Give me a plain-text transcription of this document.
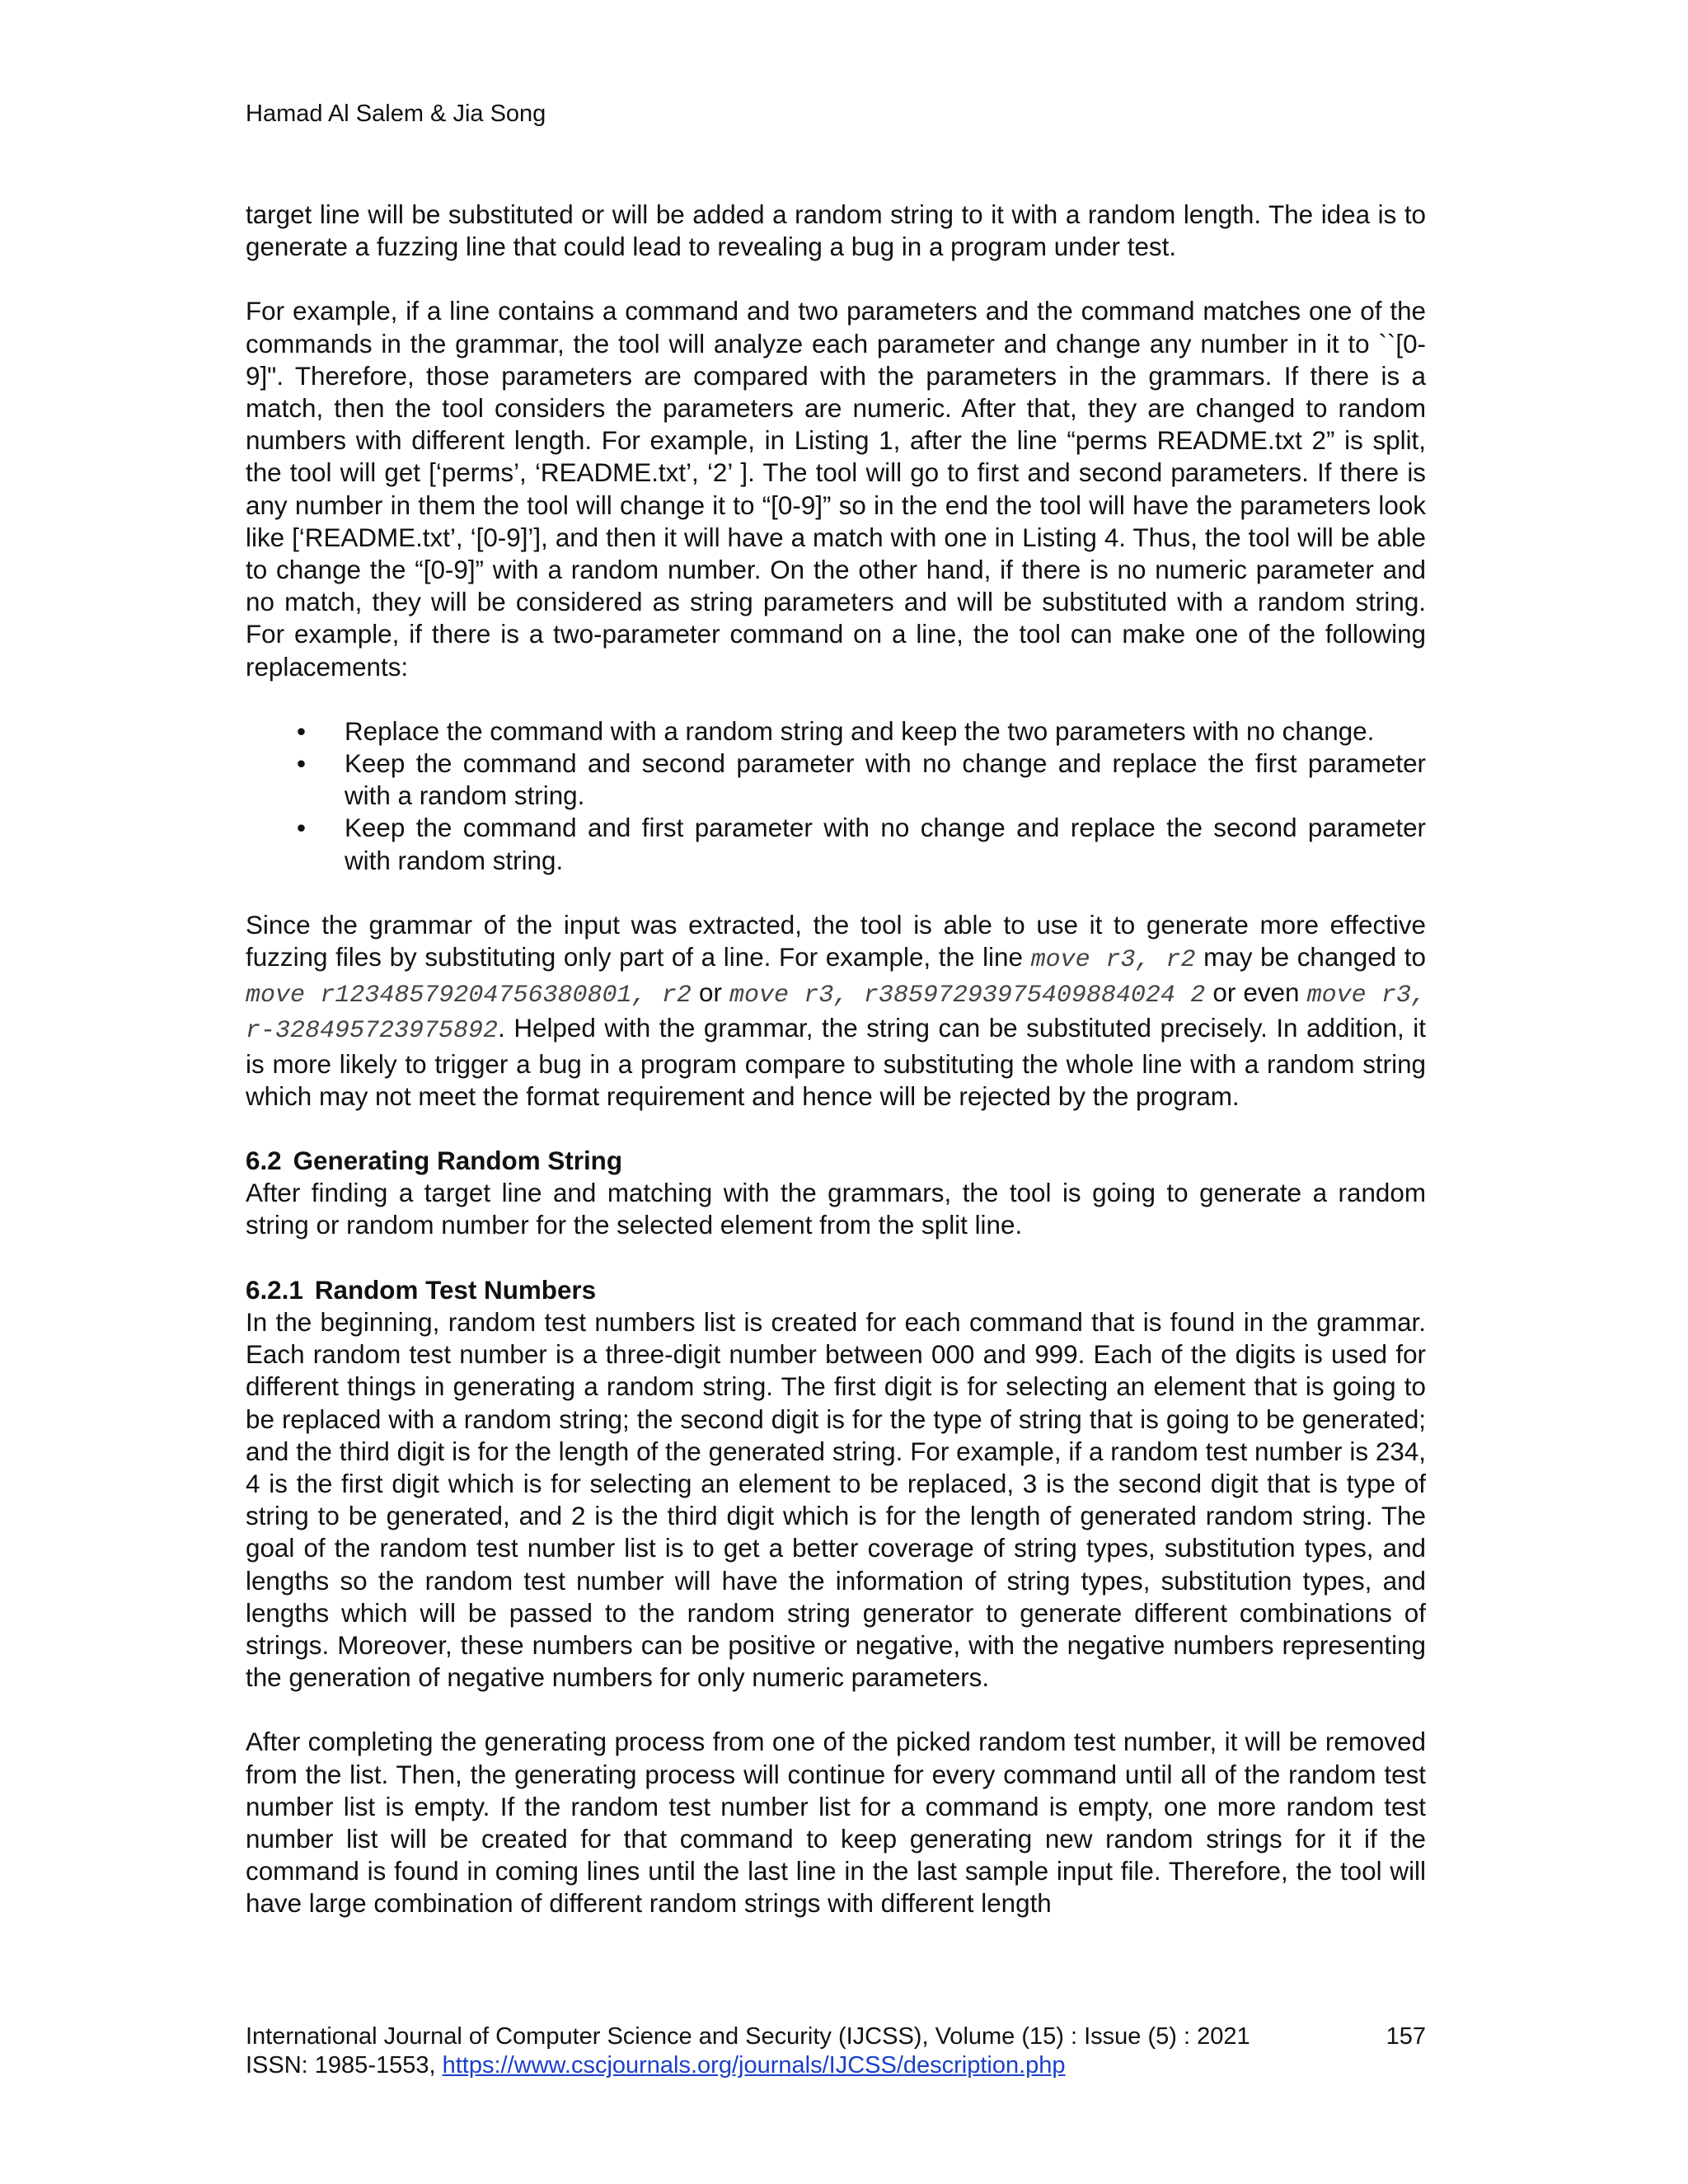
Hamad Al Salem & Jia Song

target line will be substituted or will be added a random string to it with a random length. The idea is to generate a fuzzing line that could lead to revealing a bug in a program under test.

For example, if a line contains a command and two parameters and the command matches one of the commands in the grammar, the tool will analyze each parameter and change any number in it to ``[0-9]". Therefore, those parameters are compared with the parameters in the grammars. If there is a match, then the tool considers the parameters are numeric. After that, they are changed to random numbers with different length. For example, in Listing 1, after the line “perms README.txt 2” is split, the tool will get [‘perms’, ‘README.txt’, ‘2’ ]. The tool will go to first and second parameters. If there is any number in them the tool will change it to “[0-9]” so in the end the tool will have the parameters look like [‘README.txt’, ‘[0-9]’], and then it will have a match with one in Listing 4. Thus, the tool will be able to change the “[0-9]” with a random number. On the other hand, if there is no numeric parameter and no match, they will be considered as string parameters and will be substituted with a random string. For example, if there is a two-parameter command on a line, the tool can make one of the following replacements:

• Replace the command with a random string and keep the two parameters with no change.
• Keep the command and second parameter with no change and replace the first parameter with a random string.
• Keep the command and first parameter with no change and replace the second parameter with random string.

Since the grammar of the input was extracted, the tool is able to use it to generate more effective fuzzing files by substituting only part of a line. For example, the line move r3, r2 may be changed to move r12348579204756380801, r2 or move r3, r38597293975409884024 2 or even move r3, r-328495723975892. Helped with the grammar, the string can be substituted precisely. In addition, it is more likely to trigger a bug in a program compare to substituting the whole line with a random string which may not meet the format requirement and hence will be rejected by the program.

6.2 Generating Random String

After finding a target line and matching with the grammars, the tool is going to generate a random string or random number for the selected element from the split line.

6.2.1 Random Test Numbers

In the beginning, random test numbers list is created for each command that is found in the grammar. Each random test number is a three-digit number between 000 and 999. Each of the digits is used for different things in generating a random string. The first digit is for selecting an element that is going to be replaced with a random string; the second digit is for the type of string that is going to be generated; and the third digit is for the length of the generated string. For example, if a random test number is 234, 4 is the first digit which is for selecting an element to be replaced, 3 is the second digit that is type of string to be generated, and 2 is the third digit which is for the length of generated random string. The goal of the random test number list is to get a better coverage of string types, substitution types, and lengths so the random test number will have the information of string types, substitution types, and lengths which will be passed to the random string generator to generate different combinations of strings. Moreover, these numbers can be positive or negative, with the negative numbers representing the generation of negative numbers for only numeric parameters.

After completing the generating process from one of the picked random test number, it will be removed from the list. Then, the generating process will continue for every command until all of the random test number list is empty. If the random test number list for a command is empty, one more random test number list will be created for that command to keep generating new random strings for it if the command is found in coming lines until the last line in the last sample input file. Therefore, the tool will have large combination of different random strings with different length

International Journal of Computer Science and Security (IJCSS), Volume (15) : Issue (5) : 2021	157
ISSN: 1985-1553, https://www.cscjournals.org/journals/IJCSS/description.php
